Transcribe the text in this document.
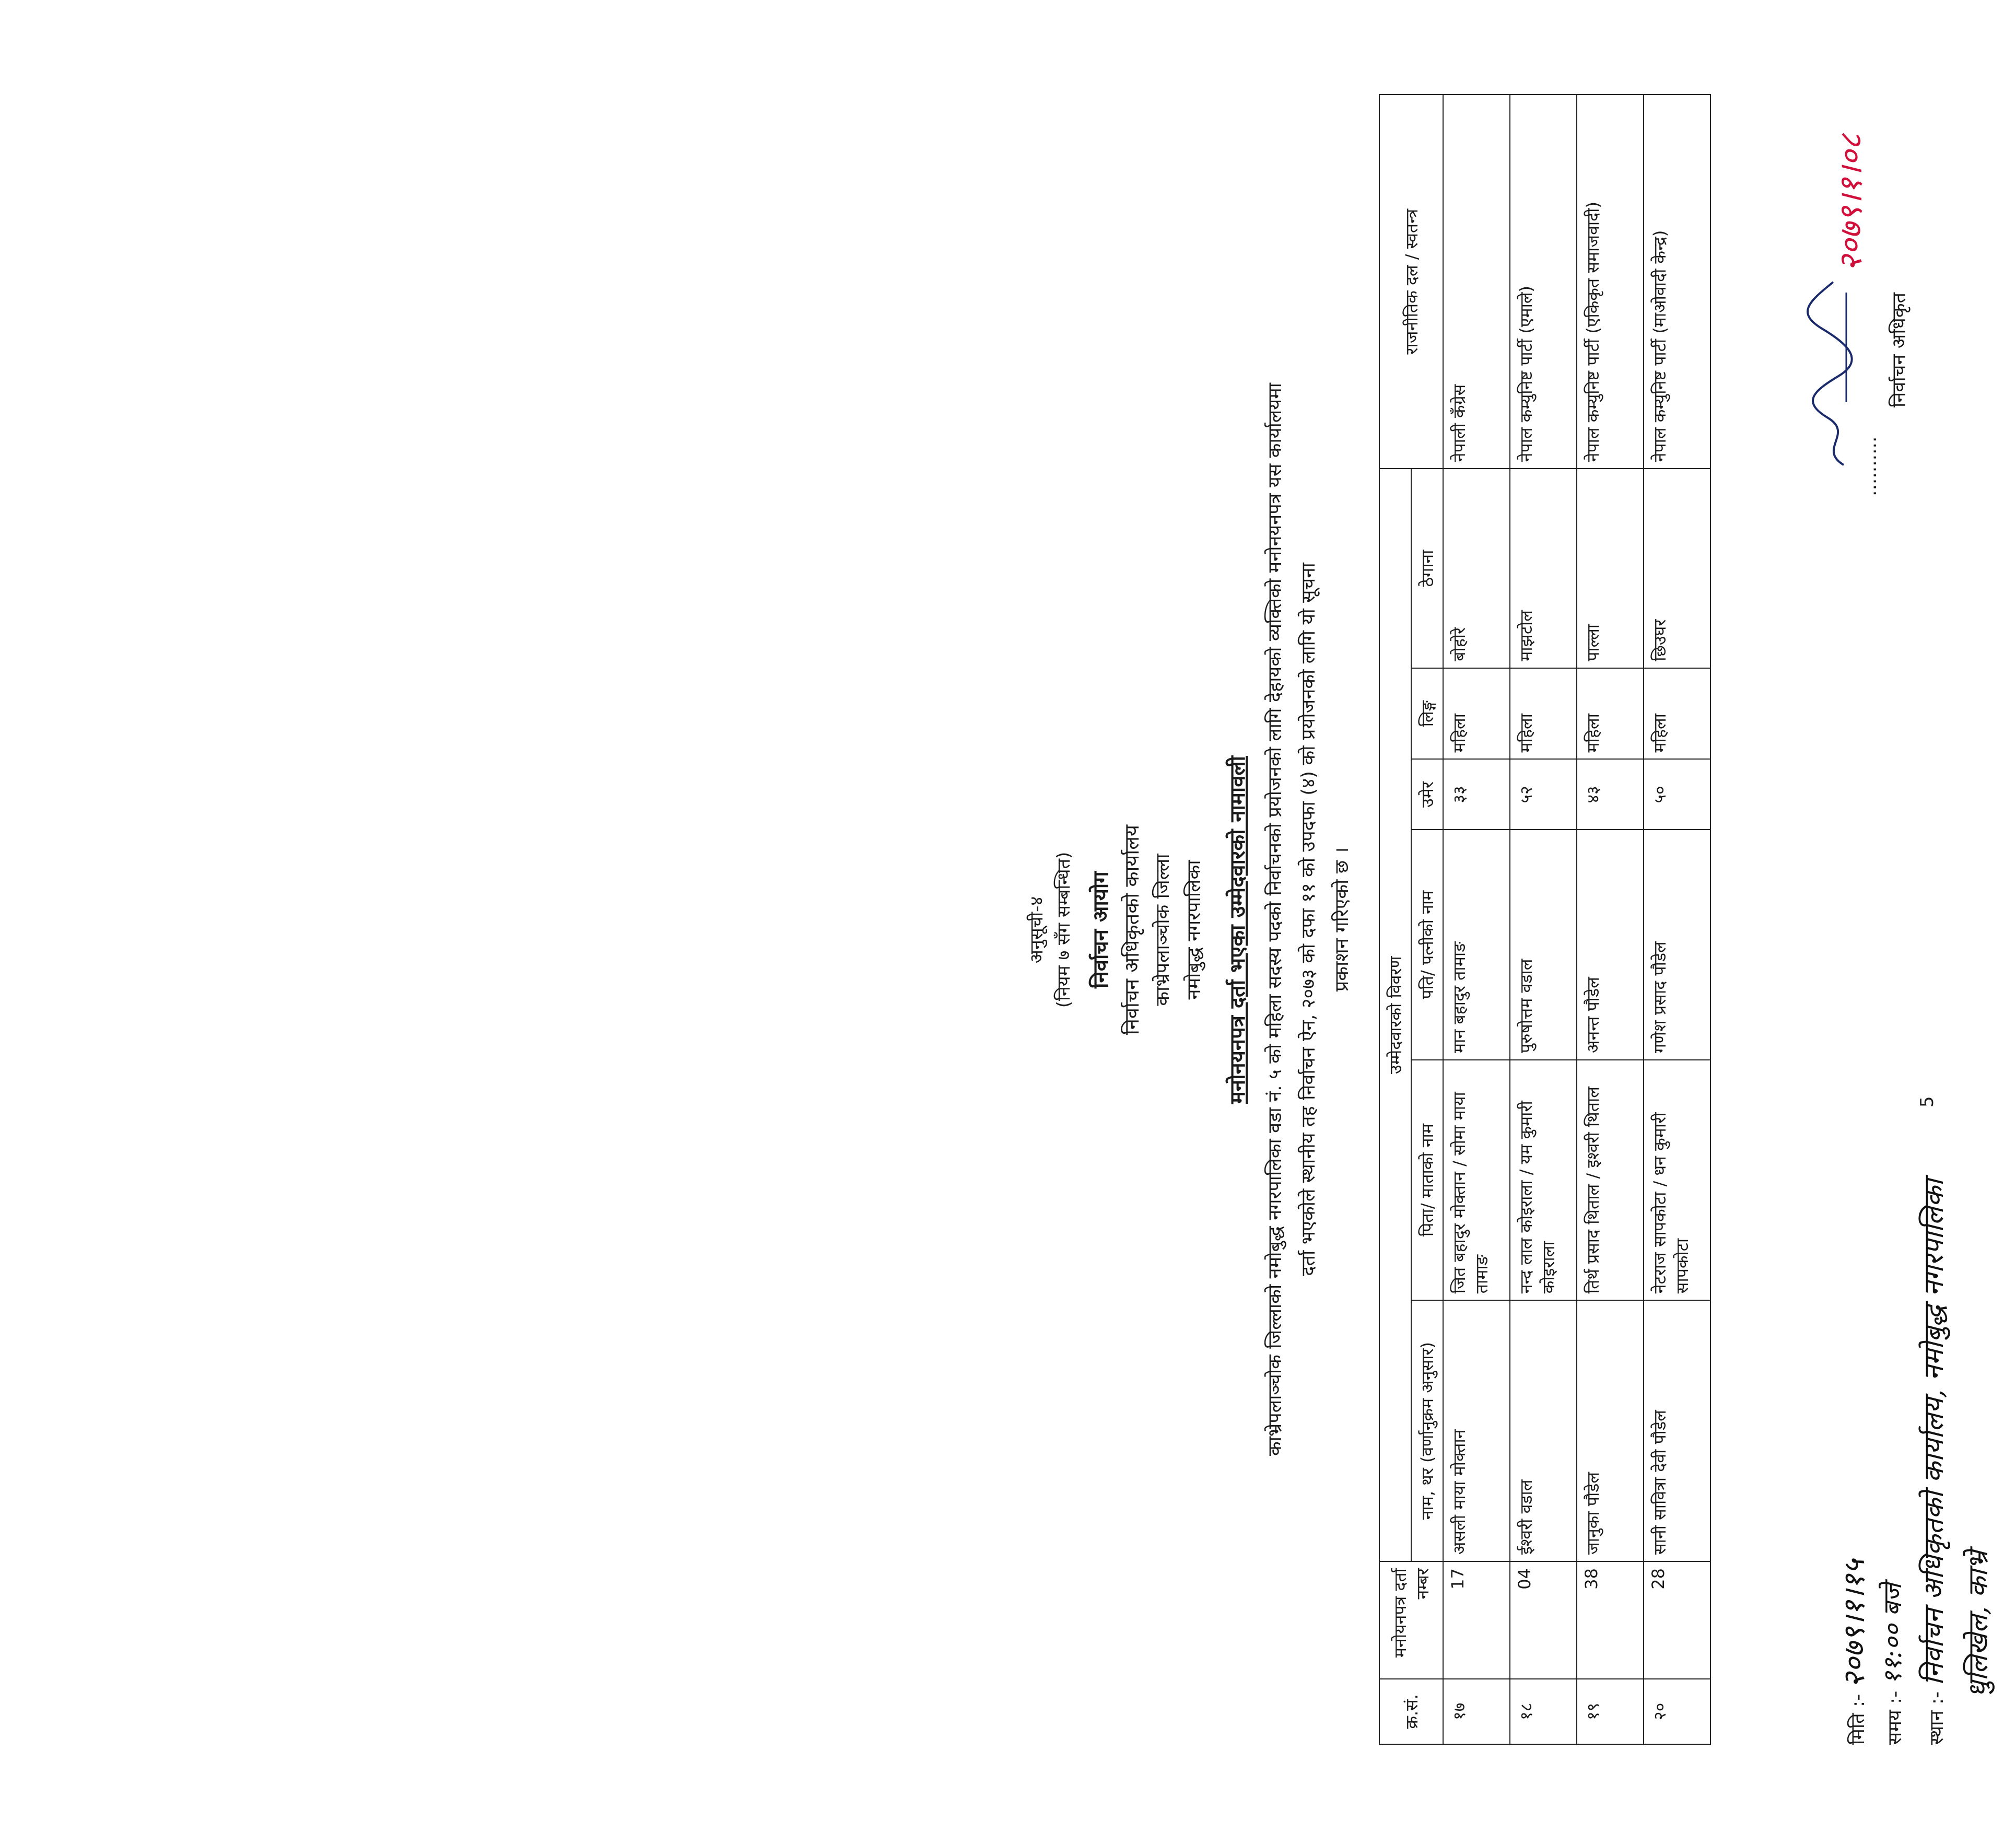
अनुसूची-४ (नियम ७ सँग सम्बन्धित) निर्वाचन आयोग निर्वाचन अधिकृतको कार्यालय काभ्रेपलाञ्चोक जिल्ला नमोबुद्ध नगरपालिका मनोनयनपत्र दर्ता भएका उम्मेदवारको नामावली काभ्रेपलाञ्चोक जिल्लाको नमोबुद्ध नगरपालिका वडा नं. ५ को महिला सदस्य पदको निर्वाचनको प्रयोजनको लागि देहायको व्यक्तिको मनोनयनपत्र यस कार्यालयमा दर्ता भएकोले स्थानीय तह निर्वाचन ऐन, २०७३ को दफा ११ को उपदफा (४) को प्रयोजनको लागि यो सूचना प्रकाशन गरिएको छ ।
क्र.सं.	मनोयनपत्र दर्ता नम्बर	उम्मेदवारको विवरण						राजनीतिक दल / स्वतन्त्र
		नाम, थर (वर्णानुक्रम अनुसार)	पिता/ माताको नाम	पति/ पत्नीको नाम	उमेर	लिङ्ग	ठेगाना	
१७	17	असली माया मोक्तान	जित बहादुर मोक्तान / सोमा माया तामाङ	मान बहादुर तामाङ	३३	महिला	बोहोरे	नेपाली कँग्रेस
१८	04	ईश्वरी वडाल	नन्द लाल कोइराला / यम कुमारी कोइराला	पुरुषोत्तम वडाल	५२	महिला	माझटोल	नेपाल कम्युनिष्ट पार्टी (एमाले)
१९	38	जानुका पौडेल	तिर्थ प्रसाद थिताल / इश्वरी थिताल	अनन्त पौडेल	४३	महिला	पाल्ला	नेपाल कम्युनिष्ट पार्टी (एकिकृत समाजवादी)
२०	28	सानी सावित्रा देवी पौडेल	नेटराज सापकोटा / धन कुमारी सापकोटा	गणेश प्रसाद पौडेल	५०	महिला	छिउघर	नेपाल कम्युनिष्ट पार्टी (माओवादी केन्द्र)
मिति :- २०७९।१।१५
समय :- ११:०० बजे
स्थान :- निर्वाचन अधिकृतको कार्यालय, नमोबुद्ध नगरपालिका धुलिखेल, काभ्रे
5
..........
निर्वाचन अधिकृत
२०७९।१।०८
